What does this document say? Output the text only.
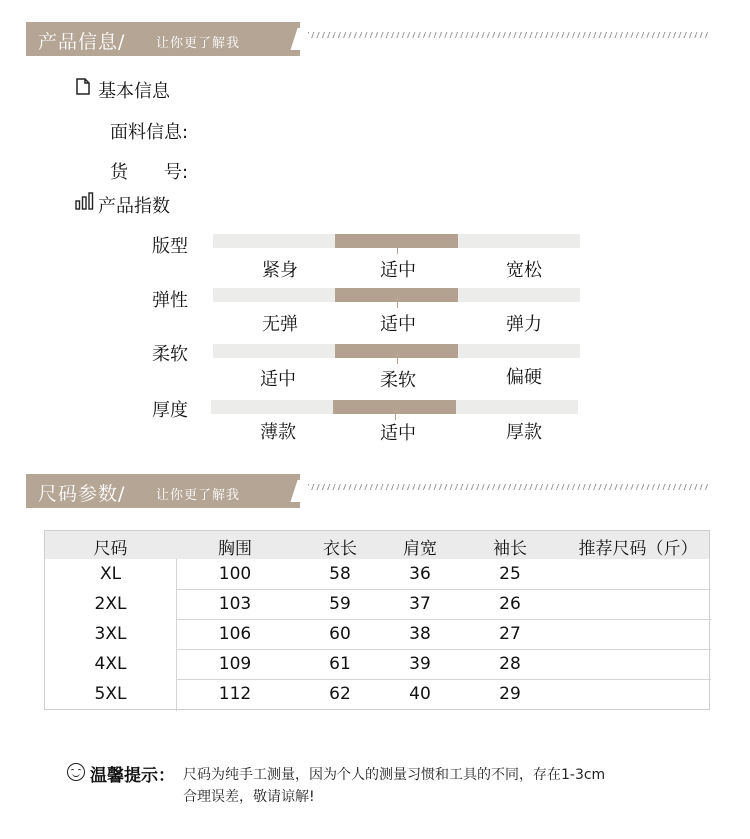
产品信息/ 让你更了解我
基本信息
面料信息:
货　　号:
产品指数
版型
紧身	适中	宽松
弹性
无弹	适中	弹力
柔软
适中	柔软	偏硬
厚度
薄款	适中	厚款
尺码参数/ 让你更了解我
尺码	胸围	衣长	肩宽	袖长	推荐尺码（斤）
XL	100	58	36	25
2XL	103	59	37	26
3XL	106	60	38	27
4XL	109	61	39	28
5XL	112	62	40	29
温馨提示： 尺码为纯手工测量，因为个人的测量习惯和工具的不同，存在1-3cm
合理误差，敬请谅解!
